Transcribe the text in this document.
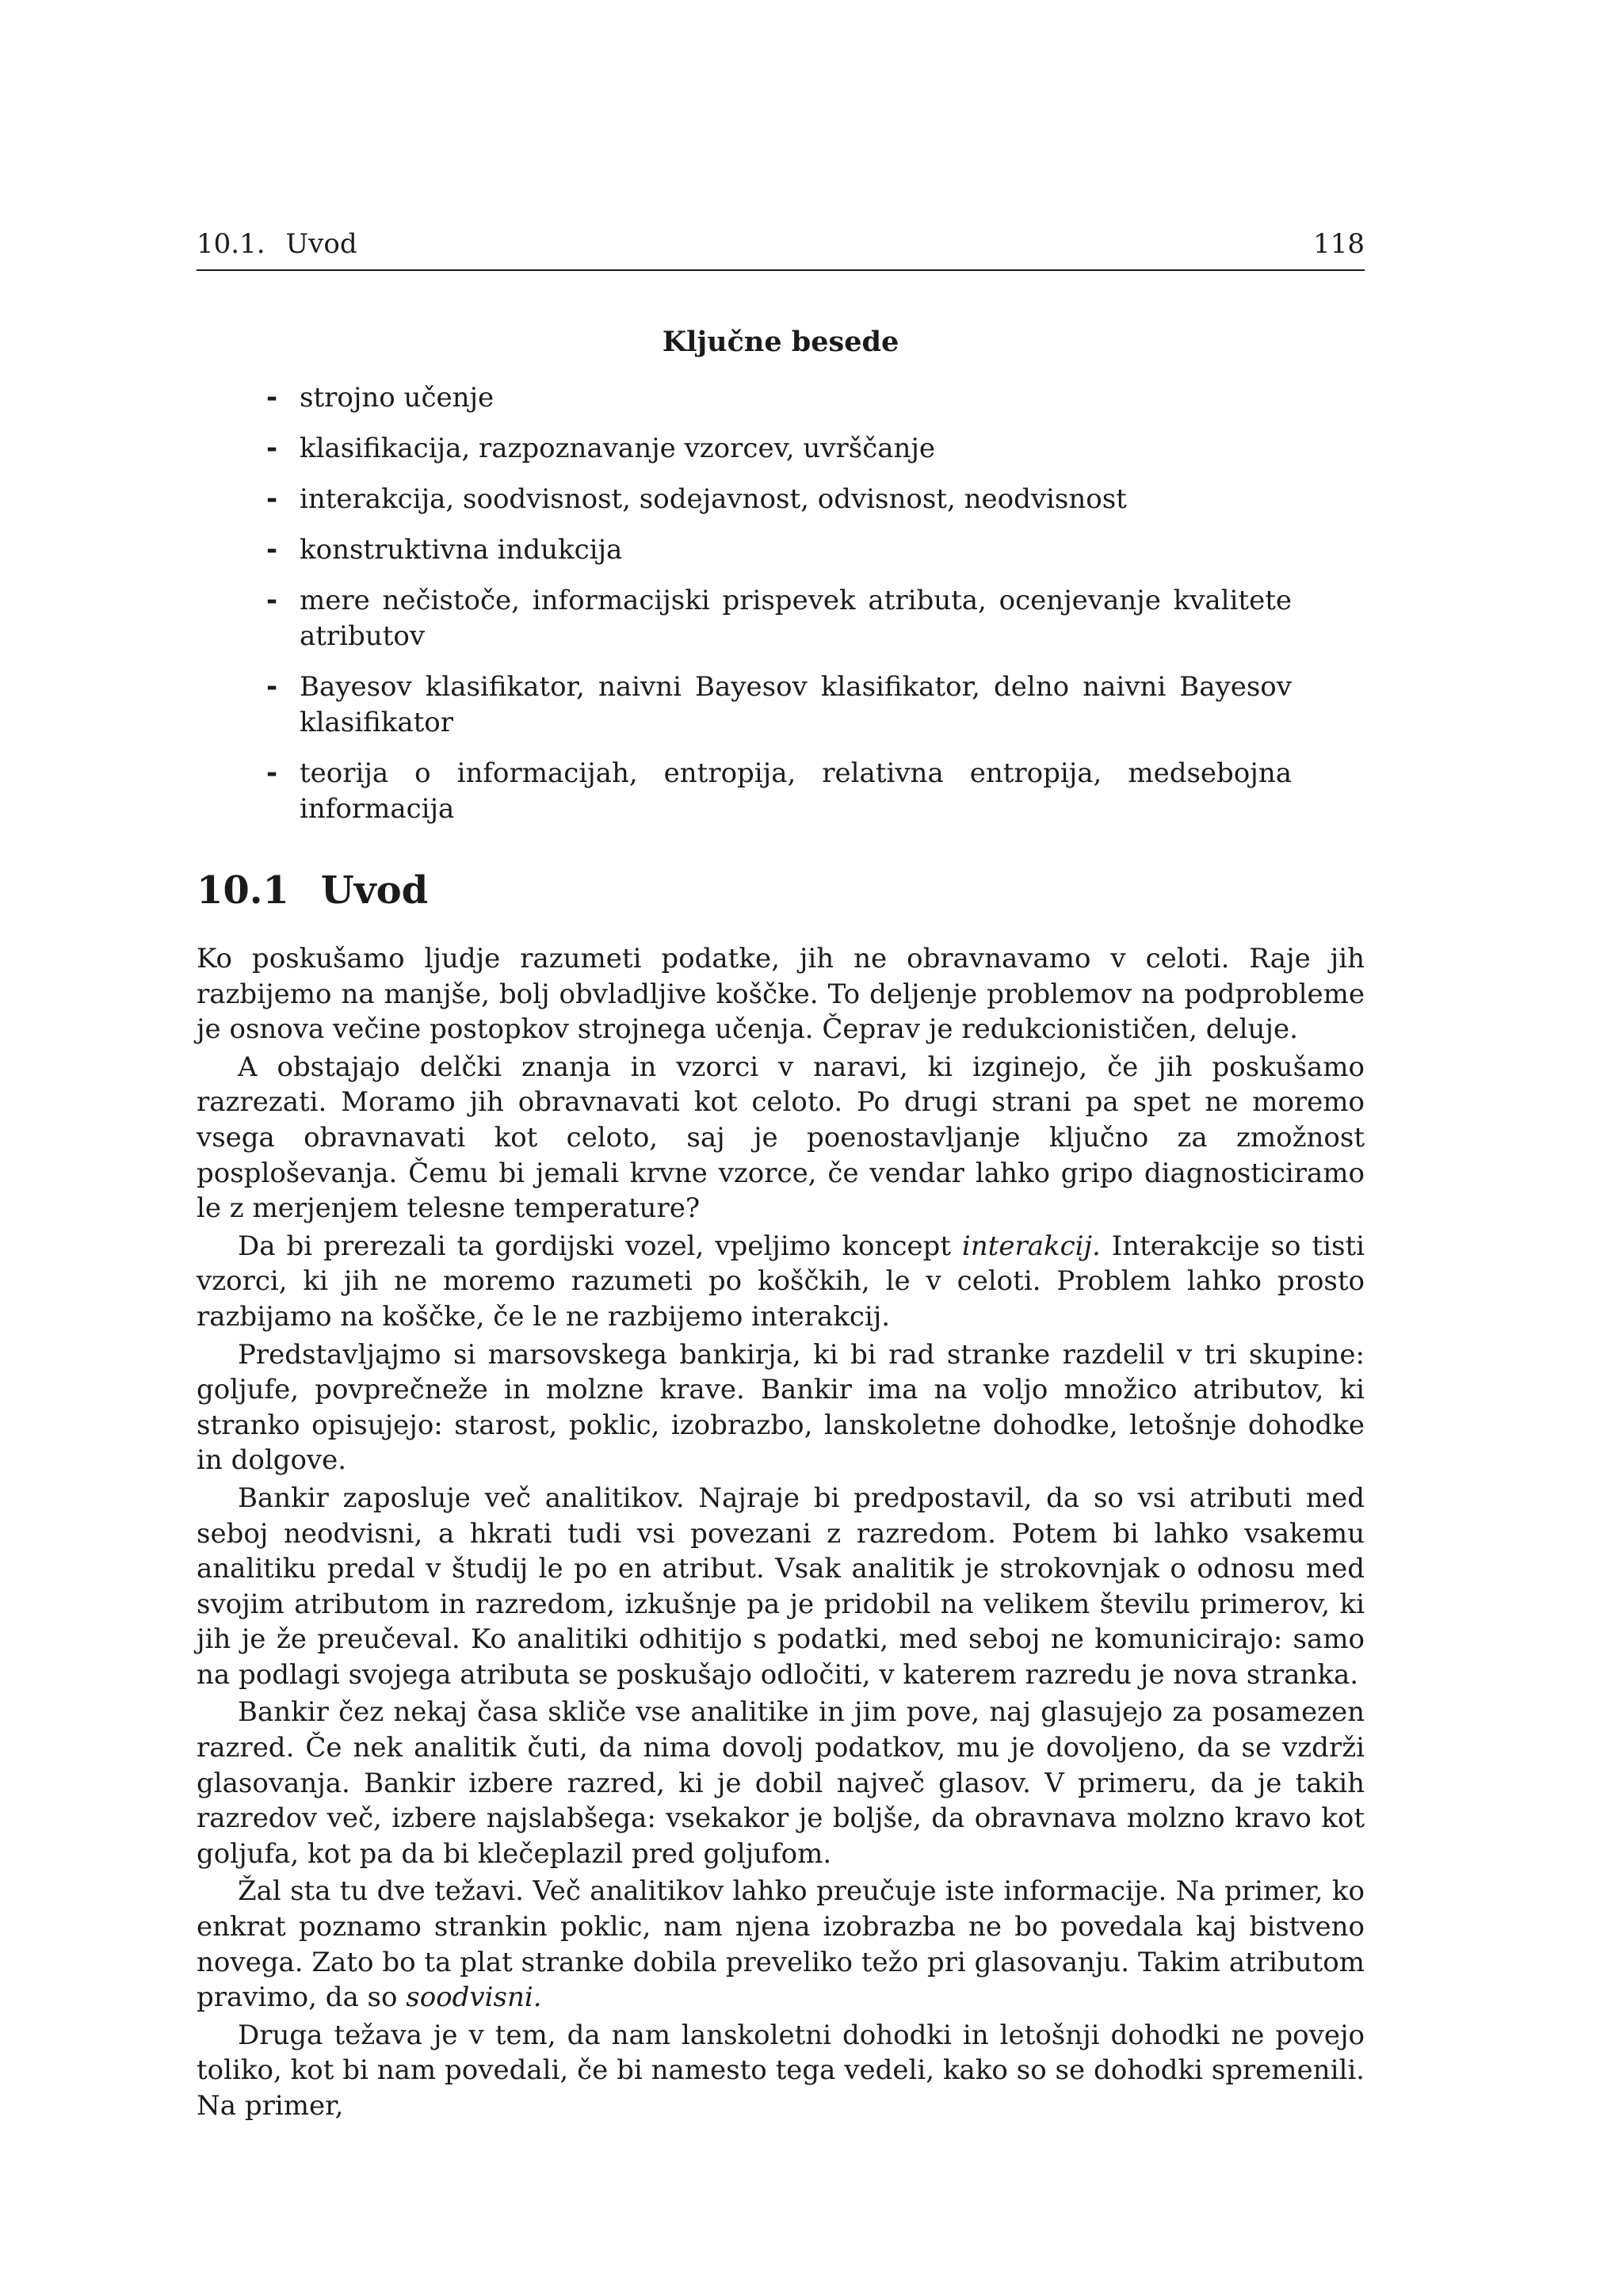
10.1. Uvod	118
Ključne besede
- strojno učenje
- klasifikacija, razpoznavanje vzorcev, uvrščanje
- interakcija, soodvisnost, sodejavnost, odvisnost, neodvisnost
- konstruktivna indukcija
- mere nečistoče, informacijski prispevek atributa, ocenjevanje kvalitete atributov
- Bayesov klasifikator, naivni Bayesov klasifikator, delno naivni Bayesov klasifikator
- teorija o informacijah, entropija, relativna entropija, medsebojna informacija
10.1 Uvod

Ko poskušamo ljudje razumeti podatke, jih ne obravnavamo v celoti. Raje jih razbijemo na manjše, bolj obvladljive koščke. To deljenje problemov na podprobleme je osnova večine postopkov strojnega učenja. Čeprav je redukcionističen, deluje.

A obstajajo delčki znanja in vzorci v naravi, ki izginejo, če jih poskušamo razrezati. Moramo jih obravnavati kot celoto. Po drugi strani pa spet ne moremo vsega obravnavati kot celoto, saj je poenostavljanje ključno za zmožnost posploševanja. Čemu bi jemali krvne vzorce, če vendar lahko gripo diagnosticiramo le z merjenjem telesne temperature?

Da bi prerezali ta gordijski vozel, vpeljimo koncept interakcij. Interakcije so tisti vzorci, ki jih ne moremo razumeti po koščkih, le v celoti. Problem lahko prosto razbijamo na koščke, če le ne razbijemo interakcij.

Predstavljajmo si marsovskega bankirja, ki bi rad stranke razdelil v tri skupine: goljufe, povprečneže in molzne krave. Bankir ima na voljo množico atributov, ki stranko opisujejo: starost, poklic, izobrazbo, lanskoletne dohodke, letošnje dohodke in dolgove.

Bankir zaposluje več analitikov. Najraje bi predpostavil, da so vsi atributi med seboj neodvisni, a hkrati tudi vsi povezani z razredom. Potem bi lahko vsakemu analitiku predal v študij le po en atribut. Vsak analitik je strokovnjak o odnosu med svojim atributom in razredom, izkušnje pa je pridobil na velikem številu primerov, ki jih je že preučeval. Ko analitiki odhitijo s podatki, med seboj ne komunicirajo: samo na podlagi svojega atributa se poskušajo odločiti, v katerem razredu je nova stranka.

Bankir čez nekaj časa skliče vse analitike in jim pove, naj glasujejo za posamezen razred. Če nek analitik čuti, da nima dovolj podatkov, mu je dovoljeno, da se vzdrži glasovanja. Bankir izbere razred, ki je dobil največ glasov. V primeru, da je takih razredov več, izbere najslabšega: vsekakor je boljše, da obravnava molzno kravo kot goljufa, kot pa da bi klečeplazil pred goljufom.

Žal sta tu dve težavi. Več analitikov lahko preučuje iste informacije. Na primer, ko enkrat poznamo strankin poklic, nam njena izobrazba ne bo povedala kaj bistveno novega. Zato bo ta plat stranke dobila preveliko težo pri glasovanju. Takim atributom pravimo, da so soodvisni.

Druga težava je v tem, da nam lanskoletni dohodki in letošnji dohodki ne povejo toliko, kot bi nam povedali, če bi namesto tega vedeli, kako so se dohodki spremenili. Na primer,
